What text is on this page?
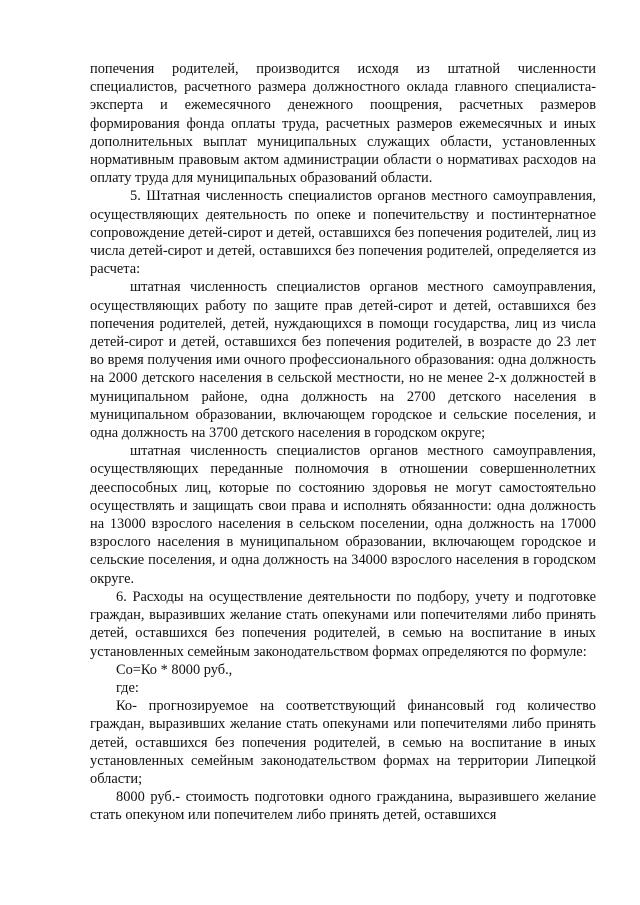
попечения родителей, производится исходя из штатной численности специалистов, расчетного размера должностного оклада главного специалиста-эксперта и ежемесячного денежного поощрения, расчетных размеров формирования фонда оплаты труда, расчетных размеров ежемесячных и иных дополнительных выплат муниципальных служащих области, установленных нормативным правовым актом администрации области о нормативах расходов на оплату труда для муниципальных образований области.

5. Штатная численность специалистов органов местного самоуправления, осуществляющих деятельность по опеке и попечительству и постинтернатное сопровождение детей-сирот и детей, оставшихся без попечения родителей, лиц из числа детей-сирот и детей, оставшихся без попечения родителей, определяется из расчета:

штатная численность специалистов органов местного самоуправления, осуществляющих работу по защите прав детей-сирот и детей, оставшихся без попечения родителей, детей, нуждающихся в помощи государства, лиц из числа детей-сирот и детей, оставшихся без попечения родителей, в возрасте до 23 лет во время получения ими очного профессионального образования: одна должность на 2000 детского населения в сельской местности, но не менее 2-х должностей в муниципальном районе, одна должность на 2700 детского населения в муниципальном образовании, включающем городское и сельские поселения, и одна должность на 3700 детского населения в городском округе;

штатная численность специалистов органов местного самоуправления, осуществляющих переданные полномочия в отношении совершеннолетних дееспособных лиц, которые по состоянию здоровья не могут самостоятельно осуществлять и защищать свои права и исполнять обязанности: одна должность на 13000 взрослого населения в сельском поселении, одна должность на 17000 взрослого населения в муниципальном образовании, включающем городское и сельские поселения, и одна должность на 34000 взрослого населения в городском округе.

6. Расходы на осуществление деятельности по подбору, учету и подготовке граждан, выразивших желание стать опекунами или попечителями либо принять детей, оставшихся без попечения родителей, в семью на воспитание в иных установленных семейным законодательством формах определяются по формуле:

Со=Ко * 8000 руб.,

где:

Ко- прогнозируемое на соответствующий финансовый год количество граждан, выразивших желание стать опекунами или попечителями либо принять детей, оставшихся без попечения родителей, в семью на воспитание в иных установленных семейным законодательством формах на территории Липецкой области;

8000 руб.- стоимость подготовки одного гражданина, выразившего желание стать опекуном или попечителем либо принять детей, оставшихся
